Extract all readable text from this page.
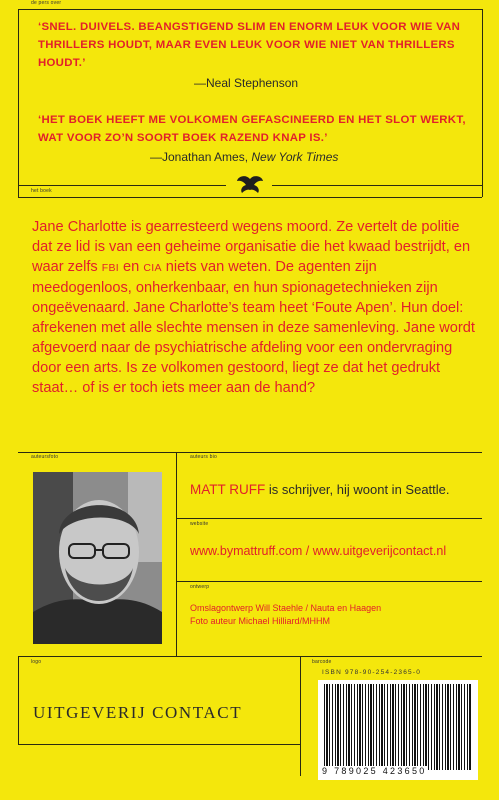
de pers over
het boek
auteursfoto	auteurs bio
website
ontwerp
logo	barcode

‘SNEL. DUIVELS. BEANGSTIGEND SLIM EN ENORM LEUK VOOR WIE VAN THRILLERS HOUDT, MAAR EVEN LEUK VOOR WIE NIET VAN THRILLERS HOUDT.’

—Neal Stephenson

‘HET BOEK HEEFT ME VOLKOMEN GEFASCINEERD EN HET SLOT WERKT, WAT VOOR ZO’N SOORT BOEK RAZEND KNAP IS.’

—Jonathan Ames, New York Times

Jane Charlotte is gearresteerd wegens moord. Ze vertelt de politie dat ze lid is van een geheime organisatie die het kwaad bestrijdt, en waar zelfs FBI en CIA niets van weten. De agenten zijn meedogenloos, onherkenbaar, en hun spionagetechnieken zijn ongeëvenaard. Jane Charlotte’s team heet ‘Foute Apen’. Hun doel: afrekenen met alle slechte mensen in deze samenleving. Jane wordt afgevoerd naar de psychiatrische afdeling voor een ondervraging door een arts. Is ze volkomen gestoord, liegt ze dat het gedrukt staat… of is er toch iets meer aan de hand?

MATT RUFF is schrijver, hij woont in Seattle.
www.bymattruff.com / www.uitgeverijcontact.nl
Omslagontwerp Will Staehle / Nauta en Haagen
Foto auteur Michael Hilliard/MHHM
UITGEVERIJ CONTACT
ISBN 978-90-254-2365-0
9 789025 423650
